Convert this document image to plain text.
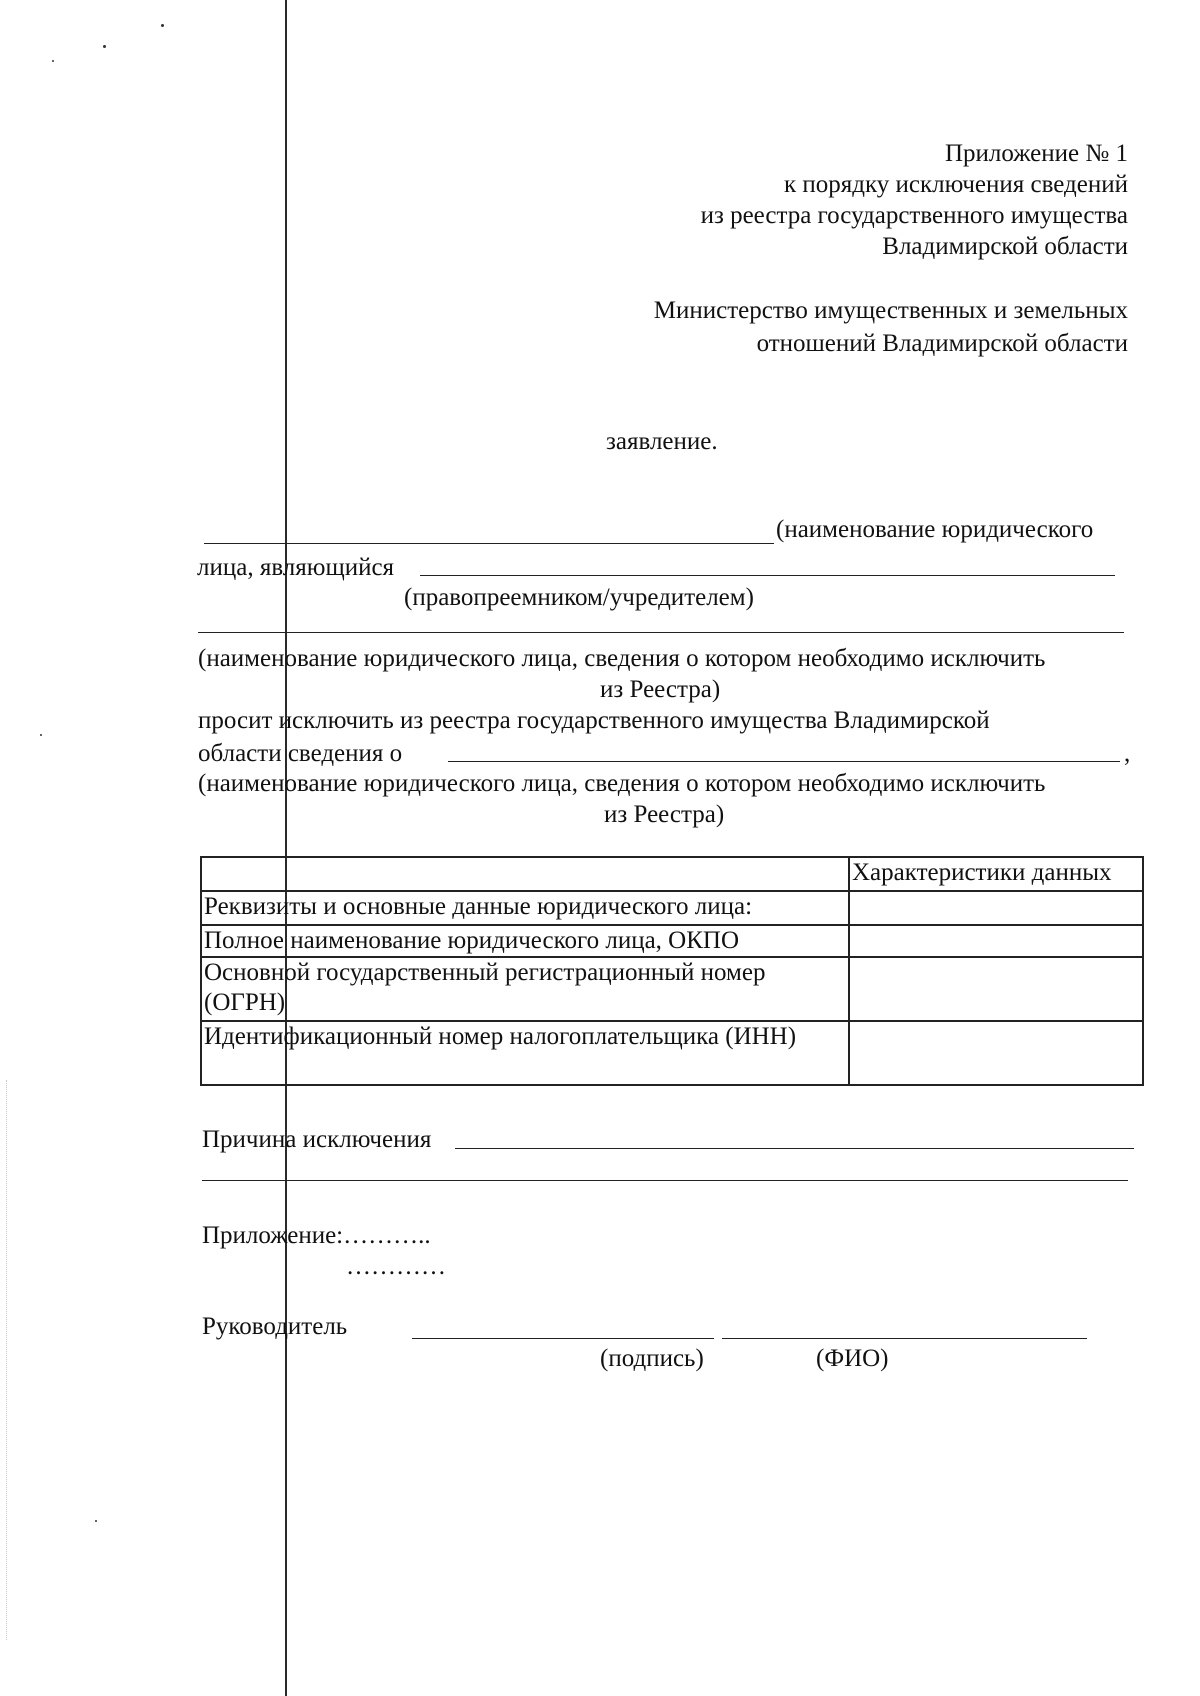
Приложение № 1
к порядку исключения сведений
из реестра государственного имущества
Владимирской области
Министерство имущественных и земельных
отношений Владимирской области
заявление.
(наименование юридического
лица, являющийся
(правопреемником/учредителем)
(наименование юридического лица, сведения о котором необходимо исключить
из Реестра)
просит исключить из реестра государственного имущества Владимирской
области сведения о	,
(наименование юридического лица, сведения о котором необходимо исключить
из Реестра)
	Характеристики данных
Реквизиты и основные данные юридического лица:	
Полное наименование юридического лица, ОКПО	
Основной государственный регистрационный номер (ОГРН)	
Идентификационный номер налогоплательщика (ИНН)	
Причина исключения
Приложение:………..
…………
Руководитель
(подпись)	(ФИО)
